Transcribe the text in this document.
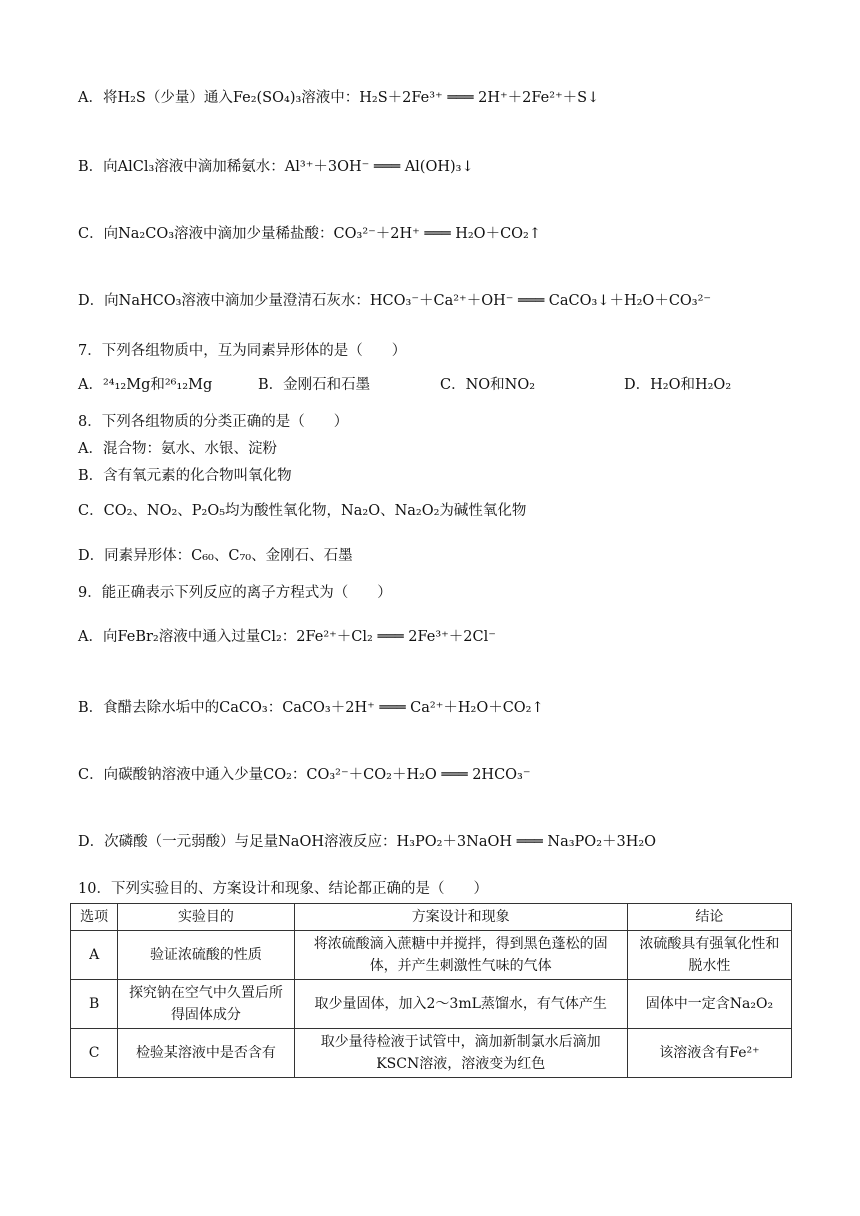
A．将H₂S（少量）通入Fe₂(SO₄)₃溶液中：H₂S＋2Fe³⁺ ═══ 2H⁺＋2Fe²⁺＋S↓
B．向AlCl₃溶液中滴加稀氨水：Al³⁺＋3OH⁻ ═══ Al(OH)₃↓
C．向Na₂CO₃溶液中滴加少量稀盐酸：CO₃²⁻＋2H⁺ ═══ H₂O＋CO₂↑
D．向NaHCO₃溶液中滴加少量澄清石灰水：HCO₃⁻＋Ca²⁺＋OH⁻ ═══ CaCO₃↓＋H₂O＋CO₃²⁻
7．下列各组物质中，互为同素异形体的是（　　）
A．²⁴₁₂Mg和²⁶₁₂Mg	B．金刚石和石墨	C．NO和NO₂	D．H₂O和H₂O₂
8．下列各组物质的分类正确的是（　　）
A．混合物：氨水、水银、淀粉
B．含有氧元素的化合物叫氧化物
C．CO₂、NO₂、P₂O₅均为酸性氧化物，Na₂O、Na₂O₂为碱性氧化物
D．同素异形体：C₆₀、C₇₀、金刚石、石墨
9．能正确表示下列反应的离子方程式为（　　）
A．向FeBr₂溶液中通入过量Cl₂：2Fe²⁺＋Cl₂ ═══ 2Fe³⁺＋2Cl⁻
B．食醋去除水垢中的CaCO₃：CaCO₃＋2H⁺ ═══ Ca²⁺＋H₂O＋CO₂↑
C．向碳酸钠溶液中通入少量CO₂：CO₃²⁻＋CO₂＋H₂O ═══ 2HCO₃⁻
D．次磷酸（一元弱酸）与足量NaOH溶液反应：H₃PO₂＋3NaOH ═══ Na₃PO₂＋3H₂O
10．下列实验目的、方案设计和现象、结论都正确的是（　　）
选项	实验目的	方案设计和现象	结论
A	验证浓硫酸的性质	将浓硫酸滴入蔗糖中并搅拌，得到黑色蓬松的固体，并产生刺激性气味的气体	浓硫酸具有强氧化性和脱水性
B	探究钠在空气中久置后所得固体成分	取少量固体，加入2～3mL蒸馏水，有气体产生	固体中一定含Na₂O₂
C	检验某溶液中是否含有	取少量待检液于试管中，滴加新制氯水后滴加KSCN溶液，溶液变为红色	该溶液含有Fe²⁺
